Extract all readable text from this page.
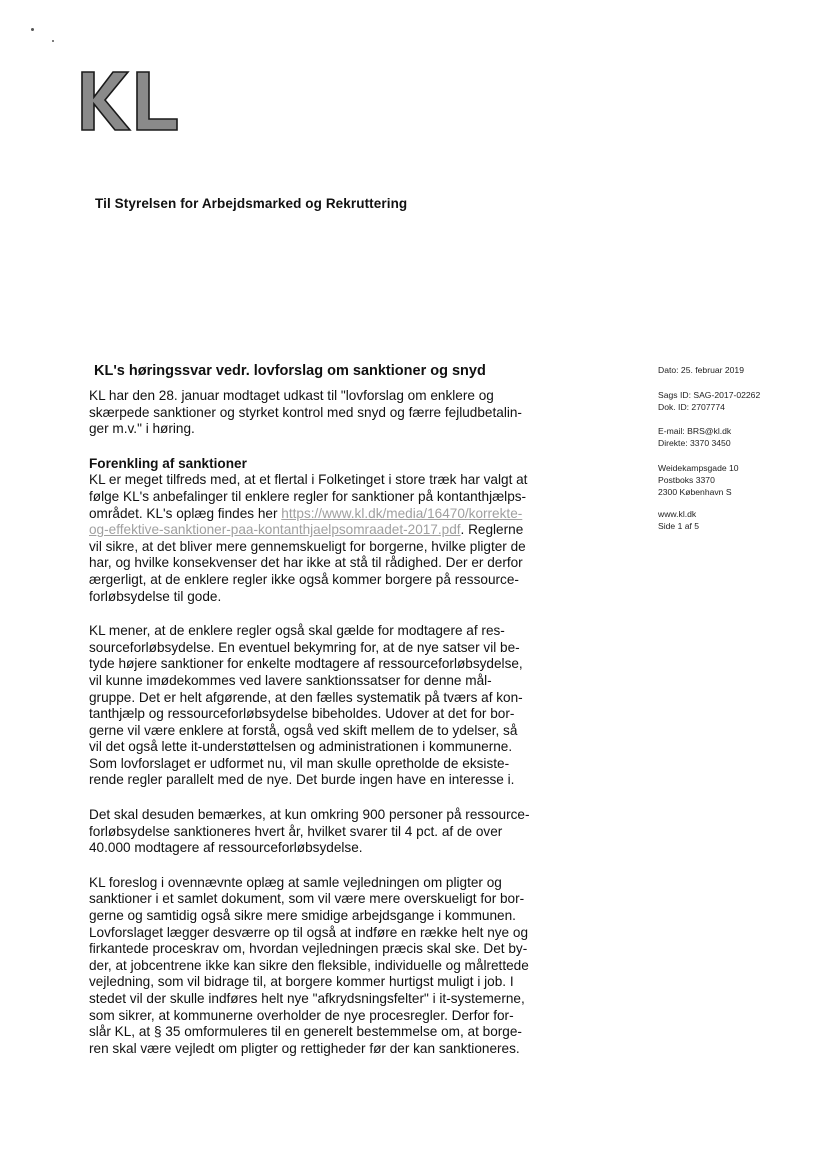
Til Styrelsen for Arbejdsmarked og Rekruttering
KL's høringssvar vedr. lovforslag om sanktioner og snyd
KL har den 28. januar modtaget udkast til "lovforslag om enklere og
skærpede sanktioner og styrket kontrol med snyd og færre fejludbetalin-
ger m.v." i høring.
Forenkling af sanktioner
KL er meget tilfreds med, at et flertal i Folketinget i store træk har valgt at
følge KL's anbefalinger til enklere regler for sanktioner på kontanthjælps-
området. KL's oplæg findes her https://www.kl.dk/media/16470/korrekte-
og-effektive-sanktioner-paa-kontanthjaelpsomraadet-2017.pdf. Reglerne
vil sikre, at det bliver mere gennemskueligt for borgerne, hvilke pligter de
har, og hvilke konsekvenser det har ikke at stå til rådighed. Der er derfor
ærgerligt, at de enklere regler ikke også kommer borgere på ressource-
forløbsydelse til gode.
KL mener, at de enklere regler også skal gælde for modtagere af res-
sourceforløbsydelse. En eventuel bekymring for, at de nye satser vil be-
tyde højere sanktioner for enkelte modtagere af ressourceforløbsydelse,
vil kunne imødekommes ved lavere sanktionssatser for denne mål-
gruppe. Det er helt afgørende, at den fælles systematik på tværs af kon-
tanthjælp og ressourceforløbsydelse bibeholdes. Udover at det for bor-
gerne vil være enklere at forstå, også ved skift mellem de to ydelser, så
vil det også lette it-understøttelsen og administrationen i kommunerne.
Som lovforslaget er udformet nu, vil man skulle opretholde de eksiste-
rende regler parallelt med de nye. Det burde ingen have en interesse i.
Det skal desuden bemærkes, at kun omkring 900 personer på ressource-
forløbsydelse sanktioneres hvert år, hvilket svarer til 4 pct. af de over
40.000 modtagere af ressourceforløbsydelse.
KL foreslog i ovennævnte oplæg at samle vejledningen om pligter og
sanktioner i et samlet dokument, som vil være mere overskueligt for bor-
gerne og samtidig også sikre mere smidige arbejdsgange i kommunen.
Lovforslaget lægger desværre op til også at indføre en række helt nye og
firkantede proceskrav om, hvordan vejledningen præcis skal ske. Det by-
der, at jobcentrene ikke kan sikre den fleksible, individuelle og målrettede
vejledning, som vil bidrage til, at borgere kommer hurtigst muligt i job. I
stedet vil der skulle indføres helt nye "afkrydsningsfelter" i it-systemerne,
som sikrer, at kommunerne overholder de nye procesregler. Derfor for-
slår KL, at § 35 omformuleres til en generelt bestemmelse om, at borge-
ren skal være vejledt om pligter og rettigheder før der kan sanktioneres.
Dato: 25. februar 2019
Sags ID: SAG-2017-02262
Dok. ID: 2707774
E-mail: BRS@kl.dk
Direkte: 3370 3450
Weidekampsgade 10
Postboks 3370
2300 København S
www.kl.dk
Side 1 af 5
